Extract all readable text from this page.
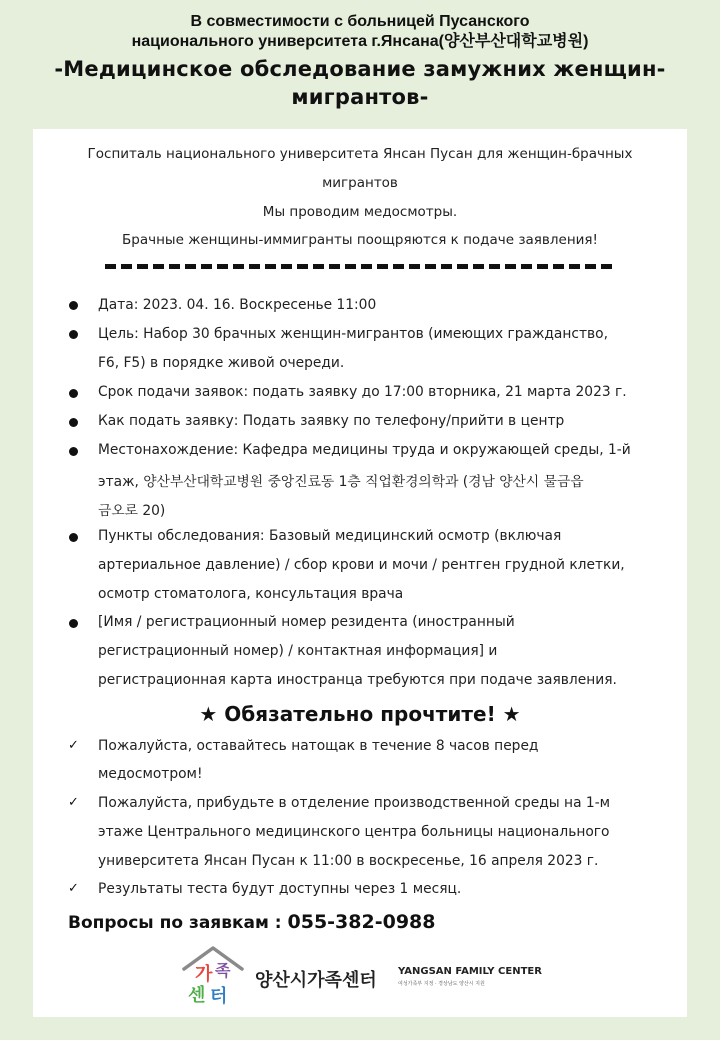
В совместимости с больницей Пусанского
национального университета г.Янсана(양산부산대학교병원)
-Медицинское обследование замужних женщин-
мигрантов-
Госпиталь национального университета Янсан Пусан для женщин-брачных
мигрантов
Мы проводим медосмотры.
Брачные женщины-иммигранты поощряются к подаче заявления!
Дата: 2023. 04. 16. Воскресенье 11:00
Цель: Набор 30 брачных женщин-мигрантов (имеющих гражданство,
F6, F5) в порядке живой очереди.
Срок подачи заявок: подать заявку до 17:00 вторника, 21 марта 2023 г.
Как подать заявку: Подать заявку по телефону/прийти в центр
Местонахождение: Кафедра медицины труда и окружающей среды, 1-й
этаж, 양산부산대학교병원 중앙진료동 1층 직업환경의학과 (경남 양산시 물금읍
금오로 20)
Пункты обследования: Базовый медицинский осмотр (включая
артериальное давление) / сбор крови и мочи / рентген грудной клетки,
осмотр стоматолога, консультация врача
[Имя / регистрационный номер резидента (иностранный
регистрационный номер) / контактная информация] и
регистрационная карта иностранца требуются при подаче заявления.
★ Обязательно прочтите! ★
✓ Пожалуйста, оставайтесь натощак в течение 8 часов перед
медосмотром!
✓ Пожалуйста, прибудьте в отделение производственной среды на 1-м
этаже Центрального медицинского центра больницы национального
университета Янсан Пусан к 11:00 в воскресенье, 16 апреля 2023 г.
✓ Результаты теста будут доступны через 1 месяц.
Вопросы по заявкам : 055-382-0988
가 족
센 터
양산시가족센터 YANGSAN FAMILY CENTER
여성가족부 지정 · 경상남도 양산시 지원
